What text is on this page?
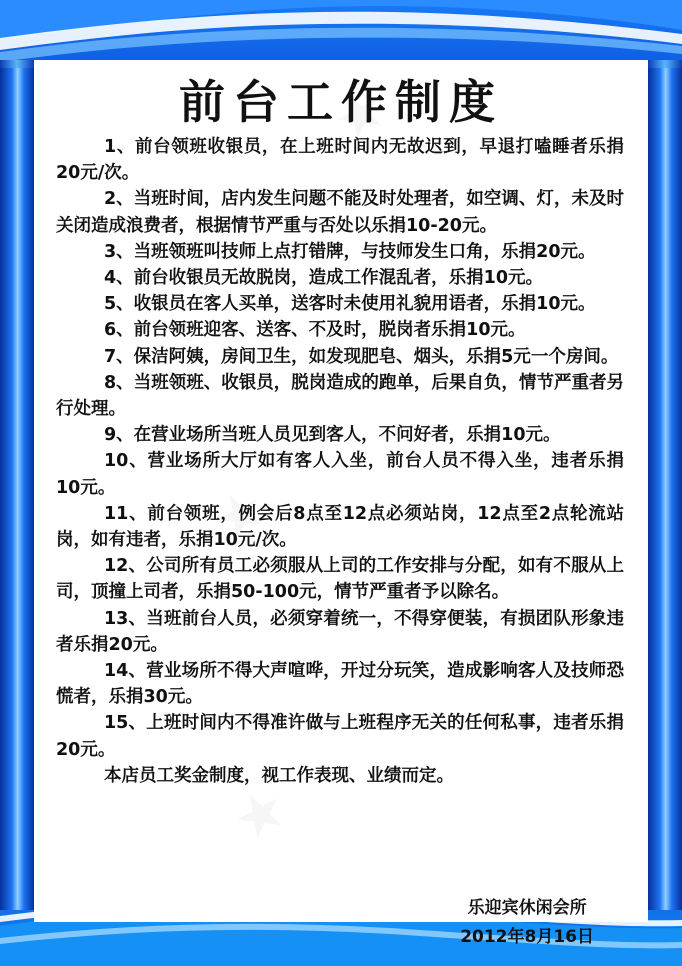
前台工作制度

1、前台领班收银员，在上班时间内无故迟到，早退打嗑睡者乐捐20元/次。

2、当班时间，店内发生问题不能及时处理者，如空调、灯，未及时关闭造成浪费者，根据情节严重与否处以乐捐10-20元。

3、当班领班叫技师上点打错牌，与技师发生口角，乐捐20元。

4、前台收银员无故脱岗，造成工作混乱者，乐捐10元。

5、收银员在客人买单，送客时未使用礼貌用语者，乐捐10元。

6、前台领班迎客、送客、不及时，脱岗者乐捐10元。

7、保洁阿姨，房间卫生，如发现肥皂、烟头，乐捐5元一个房间。

8、当班领班、收银员，脱岗造成的跑单，后果自负，情节严重者另行处理。

9、在营业场所当班人员见到客人，不问好者，乐捐10元。

10、营业场所大厅如有客人入坐，前台人员不得入坐，违者乐捐10元。

11、前台领班，例会后8点至12点必须站岗，12点至2点轮流站岗，如有违者，乐捐10元/次。

12、公司所有员工必须服从上司的工作安排与分配，如有不服从上司，顶撞上司者，乐捐50-100元，情节严重者予以除名。

13、当班前台人员，必须穿着统一，不得穿便装，有损团队形象违者乐捐20元。

14、营业场所不得大声喧哗，开过分玩笑，造成影响客人及技师恐慌者，乐捐30元。

15、上班时间内不得准许做与上班程序无关的任何私事，违者乐捐20元。

本店员工奖金制度，视工作表现、业绩而定。

乐迎宾休闲会所
2012年8月16日
